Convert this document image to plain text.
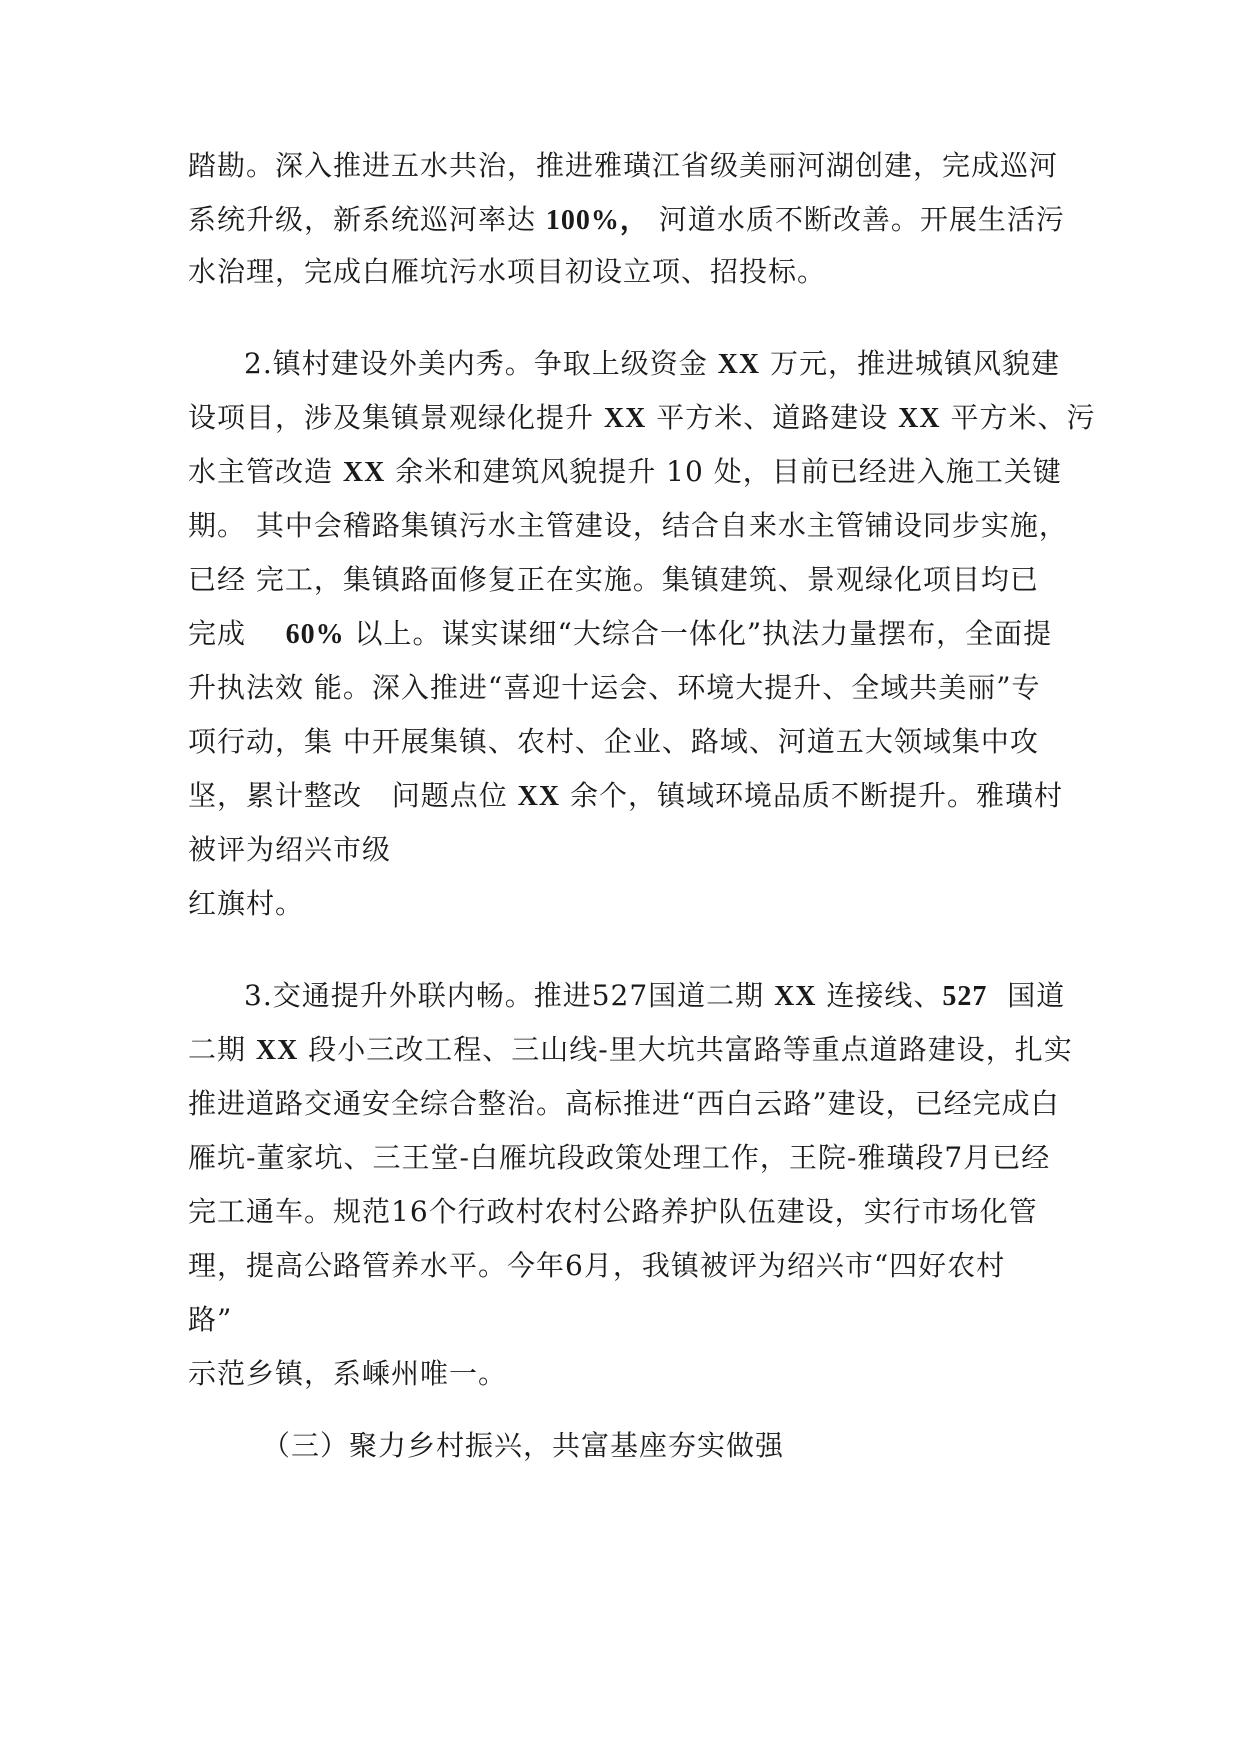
踏勘。深入推进五水共治，推进雅璜江省级美丽河湖创建，完成巡河
系统升级，新系统巡河率达 100%， 河道水质不断改善。开展生活污
水治理，完成白雁坑污水项目初设立项、招投标。
2.镇村建设外美内秀。争取上级资金 XX 万元，推进城镇风貌建
设项目，涉及集镇景观绿化提升 XX 平方米、道路建设 XX 平方米、污
水主管改造 XX 余米和建筑风貌提升 10 处，目前已经进入施工关键
期。 其中会稽路集镇污水主管建设，结合自来水主管铺设同步实施，
已经 完工，集镇路面修复正在实施。集镇建筑、景观绿化项目均已
完成    60% 以上。谋实谋细“大综合一体化”执法力量摆布，全面提
升执法效 能。深入推进“喜迎十运会、环境大提升、全域共美丽”专
项行动，集 中开展集镇、农村、企业、路域、河道五大领域集中攻
坚，累计整改   问题点位 XX 余个，镇域环境品质不断提升。雅璜村
被评为绍兴市级
红旗村。
3.交通提升外联内畅。推进527国道二期 XX 连接线、527  国道
二期 XX 段小三改工程、三山线-里大坑共富路等重点道路建设，扎实
推进道路交通安全综合整治。高标推进“西白云路”建设，已经完成白
雁坑-董家坑、三王堂-白雁坑段政策处理工作，王院-雅璜段7月已经
完工通车。规范16个行政村农村公路养护队伍建设，实行市场化管
理，提高公路管养水平。今年6月，我镇被评为绍兴市“四好农村
路”
示范乡镇，系嵊州唯一。
（三）聚力乡村振兴，共富基座夯实做强
